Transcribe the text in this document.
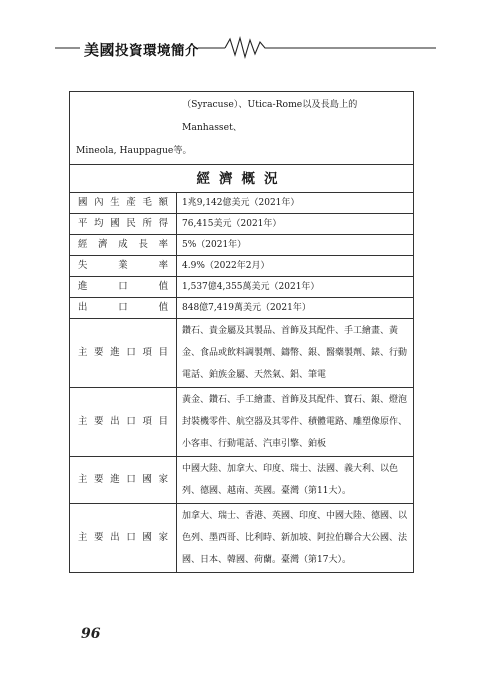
美國投資環境簡介
（Syracuse）、Utica-Rome以及長島上的Manhasset、
Mineola, Hauppague等。	

經濟概況	
國內生產毛額	1兆9,142億美元（2021年）
平均國民所得	76,415美元（2021年）
經濟成長率	5%（2021年）
失業率	4.9%（2022年2月）
進口值	1,537億4,355萬美元（2021年）
出口值	848億7,419萬美元（2021年）
主要進口項目	鑽石、貴金屬及其製品、首飾及其配件、手工繪畫、黃金、食品或飲料調製劑、鑄幣、銀、醫藥製劑、錶、行動電話、鉑族金屬、天然氣、鋁、筆電
主要出口項目	黃金、鑽石、手工繪畫、首飾及其配件、寶石、銀、燈泡封裝機零件、航空器及其零件、積體電路、雕塑像原作、小客車、行動電話、汽車引擎、鉑板
主要進口國家	中國大陸、加拿大、印度、瑞士、法國、義大利、以色列、德國、越南、英國。臺灣（第11大）。
主要出口國家	加拿大、瑞士、香港、英國、印度、中國大陸、德國、以色列、墨西哥、比利時、新加坡、阿拉伯聯合大公國、法國、日本、韓國、荷蘭。臺灣（第17大）。
96
